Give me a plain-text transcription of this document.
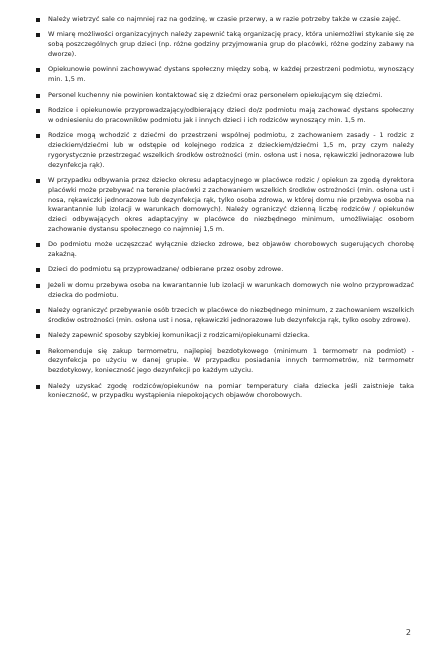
Należy wietrzyć sale co najmniej raz na godzinę, w czasie przerwy, a w razie potrzeby także w czasie zajęć.
W miarę możliwości organizacyjnych należy zapewnić taką organizację pracy, która uniemożliwi stykanie się ze sobą poszczególnych grup dzieci (np. różne godziny przyjmowania grup do placówki, różne godziny zabawy na dworze).
Opiekunowie powinni zachowywać dystans społeczny między sobą, w każdej przestrzeni podmiotu, wynoszący min. 1,5 m.
Personel kuchenny nie powinien kontaktować się z dziećmi oraz personelem opiekującym się dziećmi.
Rodzice i opiekunowie przyprowadzający/odbierający dzieci do/z podmiotu mają zachować dystans społeczny w odniesieniu do pracowników podmiotu jak i innych dzieci i ich rodziców wynoszący min. 1,5 m.
Rodzice mogą wchodzić z dziećmi do przestrzeni wspólnej podmiotu, z zachowaniem zasady - 1 rodzic z dzieckiem/dziećmi lub w odstępie od kolejnego rodzica z dzieckiem/dziećmi 1,5 m, przy czym należy rygorystycznie przestrzegać wszelkich środków ostrożności (min. osłona ust i nosa, rękawiczki jednorazowe lub dezynfekcja rąk).
W przypadku odbywania przez dziecko okresu adaptacyjnego w placówce rodzic / opiekun za zgodą dyrektora placówki może przebywać na terenie placówki z zachowaniem wszelkich środków ostrożności (min. osłona ust i nosa, rękawiczki jednorazowe lub dezynfekcja rąk, tylko osoba zdrowa, w której domu nie przebywa osoba na kwarantannie lub izolacji w warunkach domowych). Należy ograniczyć dzienną liczbę rodziców / opiekunów dzieci odbywających okres adaptacyjny w placówce do niezbędnego minimum, umożliwiając osobom zachowanie dystansu społecznego co najmniej 1,5 m.
Do podmiotu może uczęszczać wyłącznie dziecko zdrowe, bez objawów chorobowych sugerujących chorobę zakaźną.
Dzieci do podmiotu są przyprowadzane/ odbierane przez osoby zdrowe.
Jeżeli w domu przebywa osoba na kwarantannie lub izolacji w warunkach domowych nie wolno przyprowadzać dziecka do podmiotu.
Należy ograniczyć przebywanie osób trzecich w placówce do niezbędnego minimum, z zachowaniem wszelkich środków ostrożności (min. osłona ust i nosa, rękawiczki jednorazowe lub dezynfekcja rąk, tylko osoby zdrowe).
Należy zapewnić sposoby szybkiej komunikacji z rodzicami/opiekunami dziecka.
Rekomenduje się zakup termometru, najlepiej bezdotykowego (minimum 1 termometr na podmiot) - dezynfekcja po użyciu w danej grupie. W przypadku posiadania innych termometrów, niż termometr bezdotykowy, konieczność jego dezynfekcji po każdym użyciu.
Należy uzyskać zgodę rodziców/opiekunów na pomiar temperatury ciała dziecka jeśli zaistnieje taka konieczność, w przypadku wystąpienia niepokojących objawów chorobowych.
2
